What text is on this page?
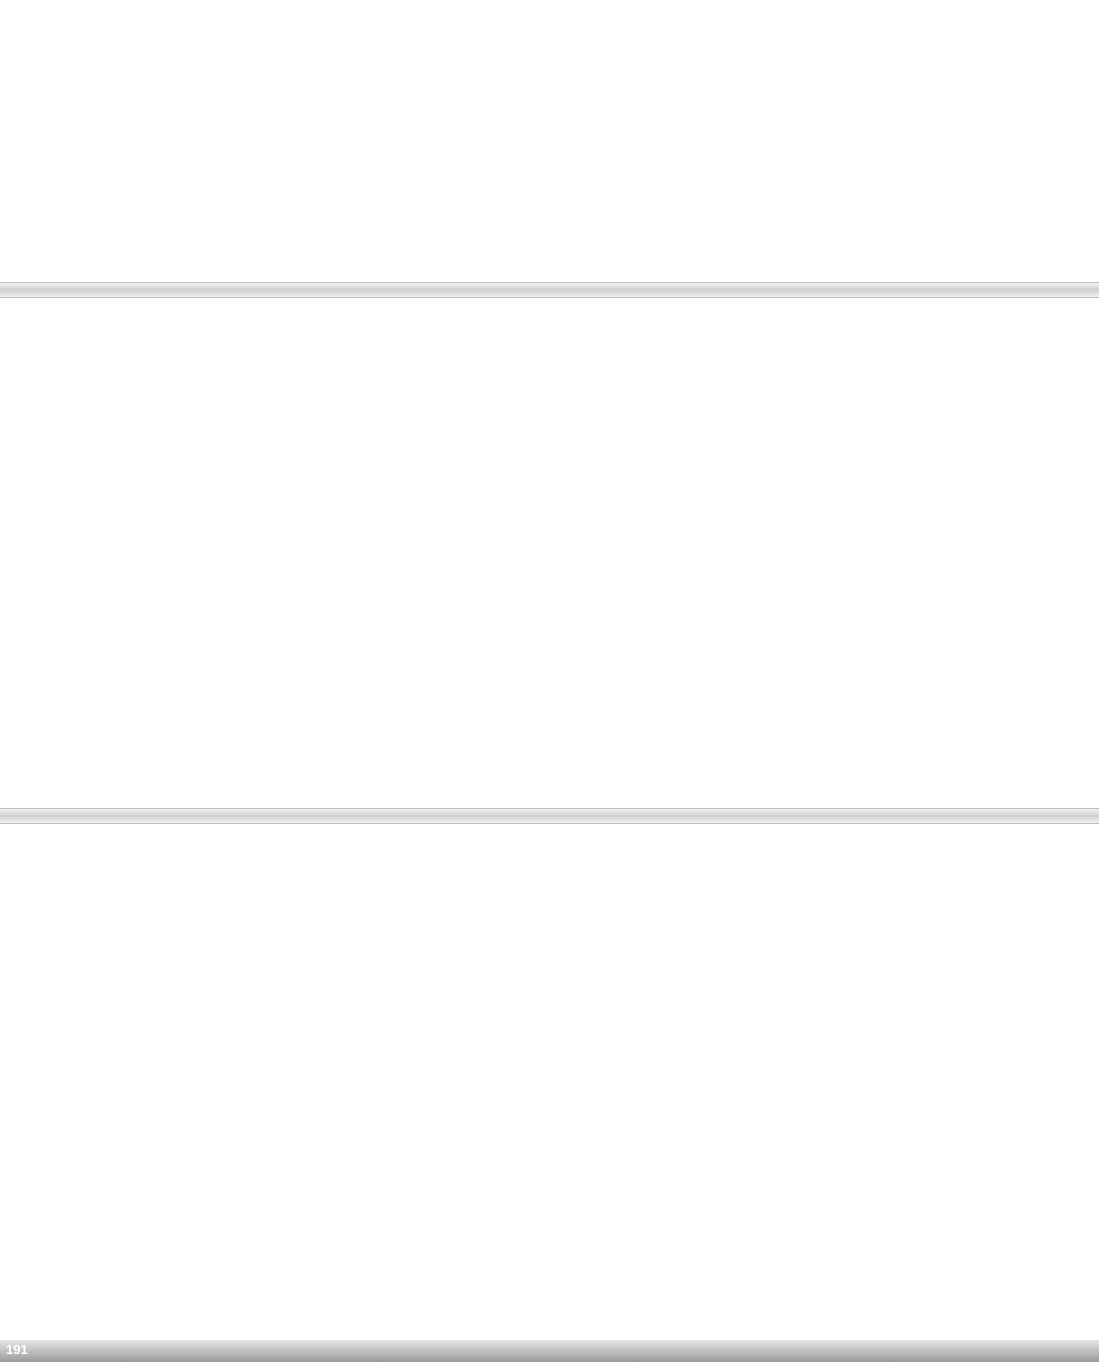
191
